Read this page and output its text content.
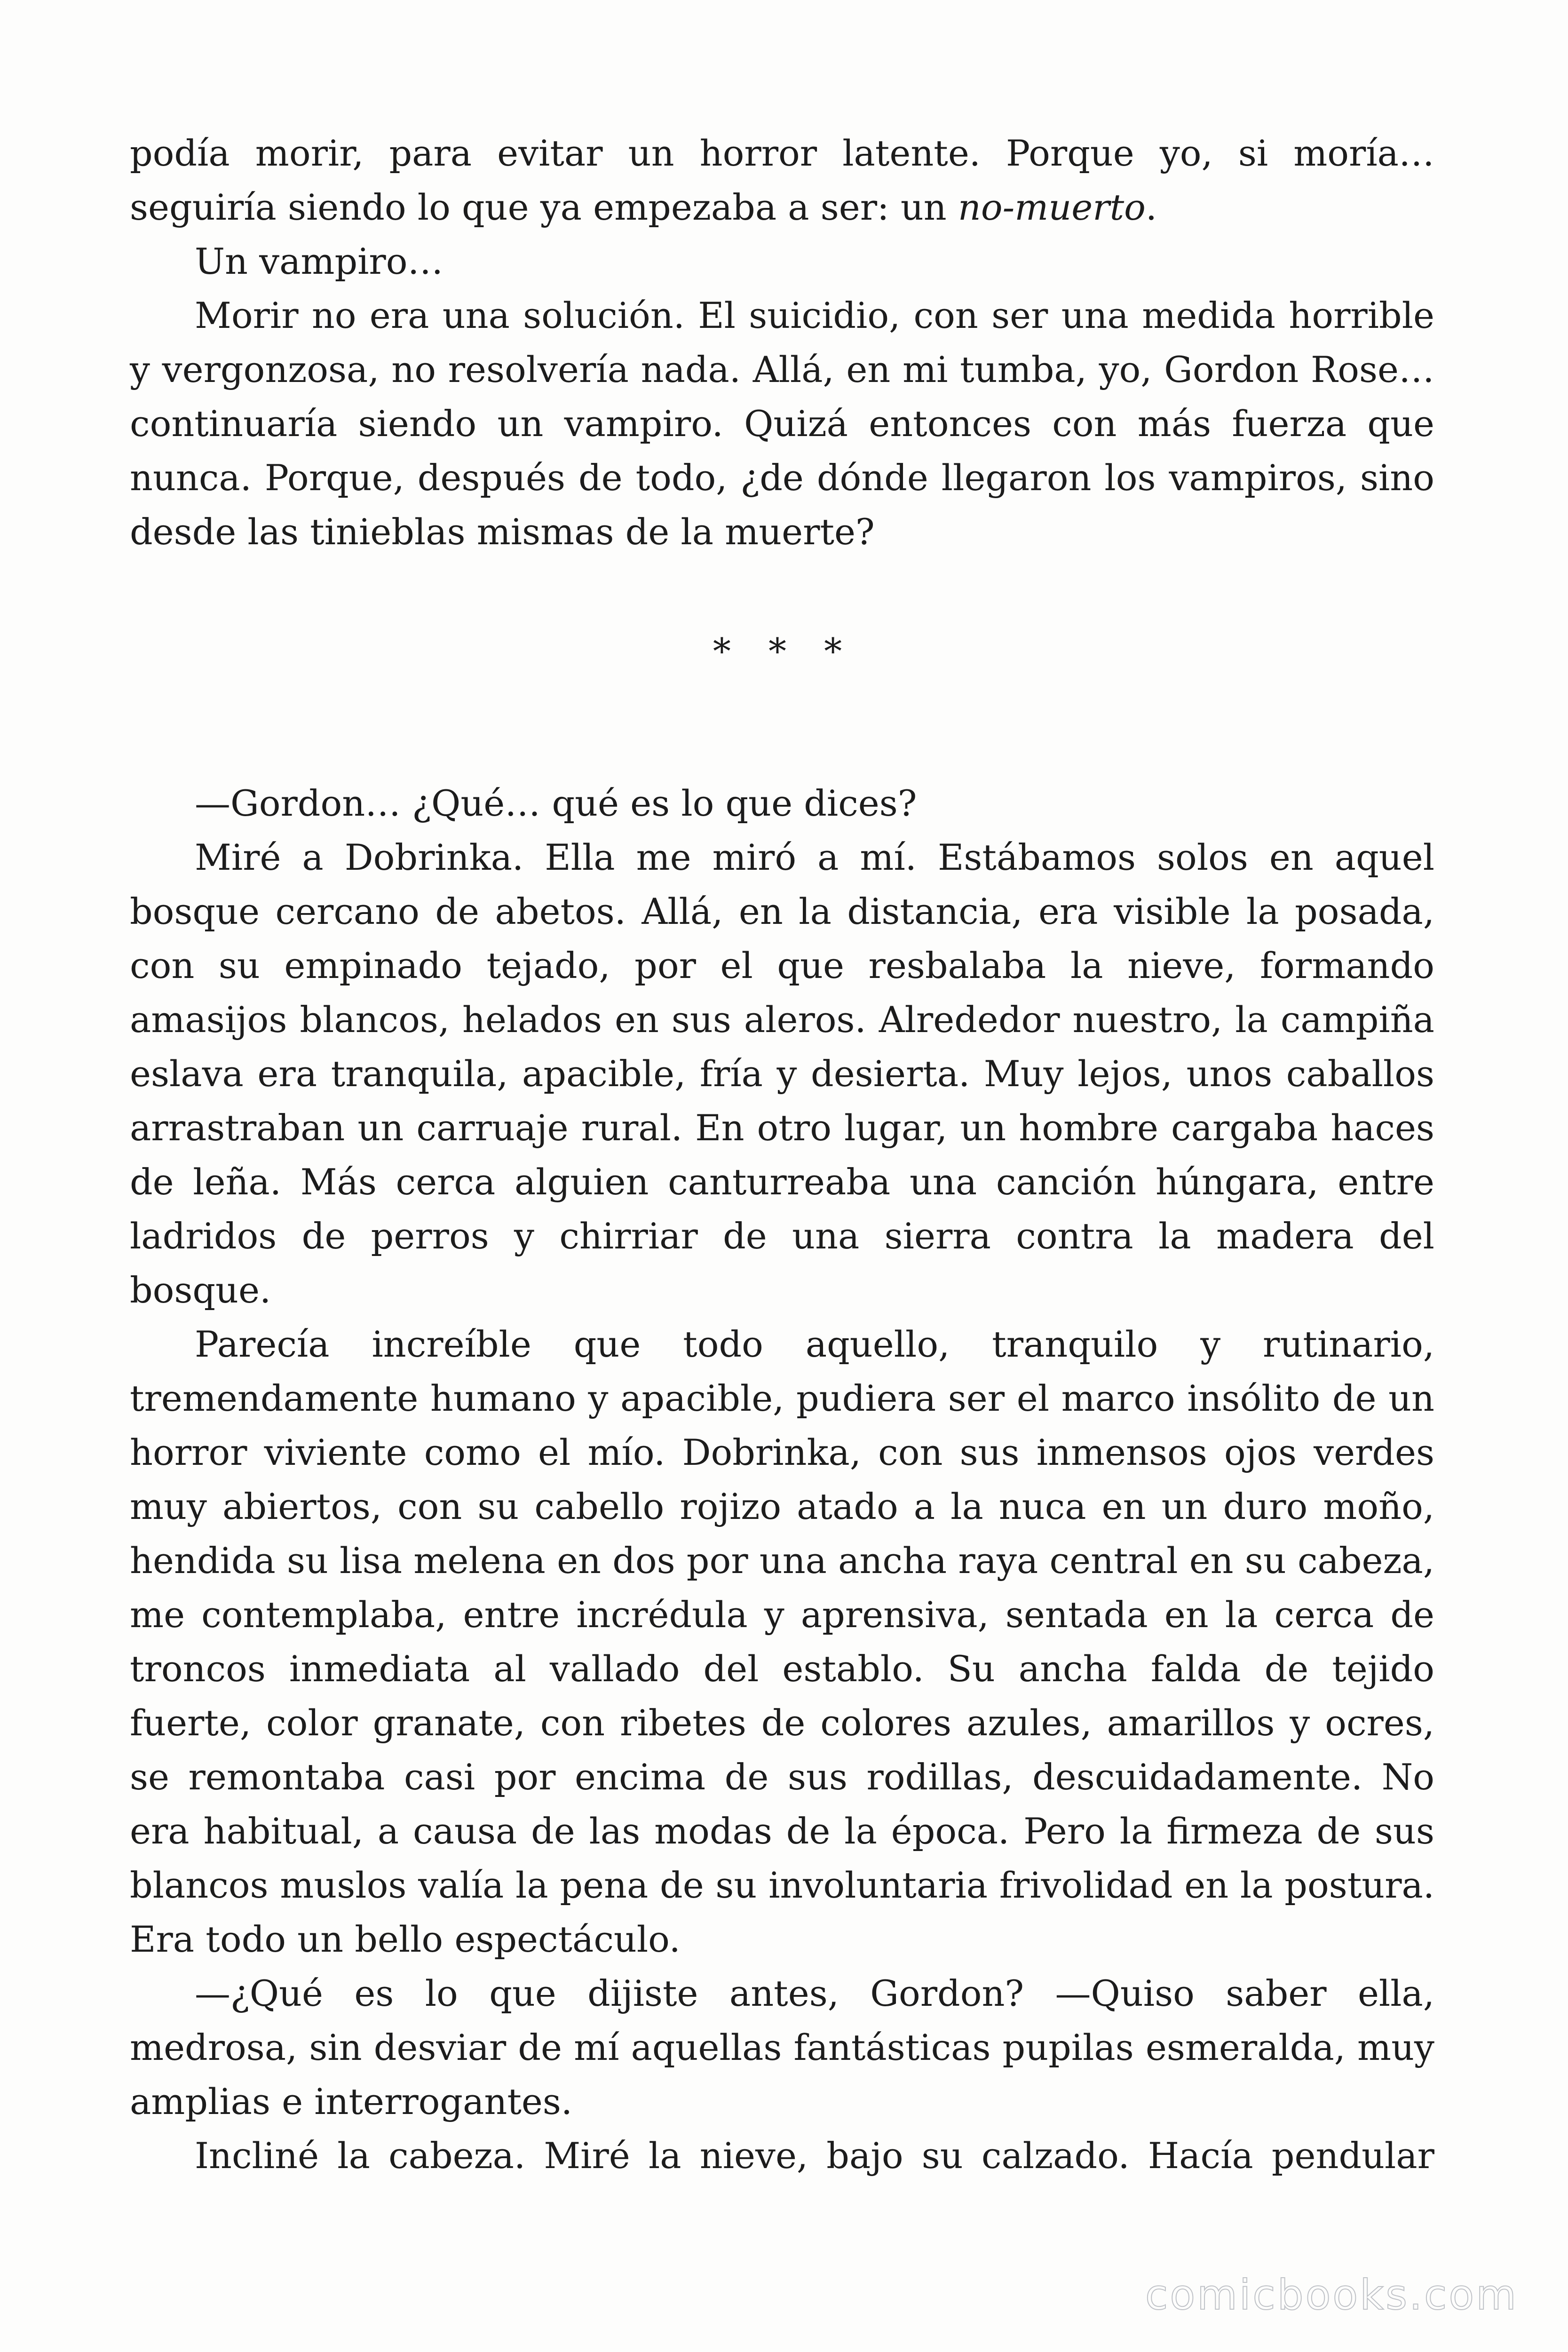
podía morir, para evitar un horror latente. Porque yo, si moría… seguiría siendo lo que ya empezaba a ser: un no-muerto.

Un vampiro…

Morir no era una solución. El suicidio, con ser una medida horrible y vergonzosa, no resolvería nada. Allá, en mi tumba, yo, Gordon Rose… continuaría siendo un vampiro. Quizá entonces con más fuerza que nunca. Porque, después de todo, ¿de dónde llegaron los vampiros, sino desde las tinieblas mismas de la muerte?

* * *

—Gordon… ¿Qué… qué es lo que dices?

Miré a Dobrinka. Ella me miró a mí. Estábamos solos en aquel bosque cercano de abetos. Allá, en la distancia, era visible la posada, con su empinado tejado, por el que resbalaba la nieve, formando amasijos blancos, helados en sus aleros. Alrededor nuestro, la campiña eslava era tranquila, apacible, fría y desierta. Muy lejos, unos caballos arrastraban un carruaje rural. En otro lugar, un hombre cargaba haces de leña. Más cerca alguien canturreaba una canción húngara, entre ladridos de perros y chirriar de una sierra contra la madera del bosque.

Parecía increíble que todo aquello, tranquilo y rutinario, tremendamente humano y apacible, pudiera ser el marco insólito de un horror viviente como el mío. Dobrinka, con sus inmensos ojos verdes muy abiertos, con su cabello rojizo atado a la nuca en un duro moño, hendida su lisa melena en dos por una ancha raya central en su cabeza, me contemplaba, entre incrédula y aprensiva, sentada en la cerca de troncos inmediata al vallado del establo. Su ancha falda de tejido fuerte, color granate, con ribetes de colores azules, amarillos y ocres, se remontaba casi por encima de sus rodillas, descuidadamente. No era habitual, a causa de las modas de la época. Pero la firmeza de sus blancos muslos valía la pena de su involuntaria frivolidad en la postura. Era todo un bello espectáculo.

—¿Qué es lo que dijiste antes, Gordon? —Quiso saber ella, medrosa, sin desviar de mí aquellas fantásticas pupilas esmeralda, muy amplias e interrogantes.

Incliné la cabeza. Miré la nieve, bajo su calzado. Hacía pendular

comicbooks.com
